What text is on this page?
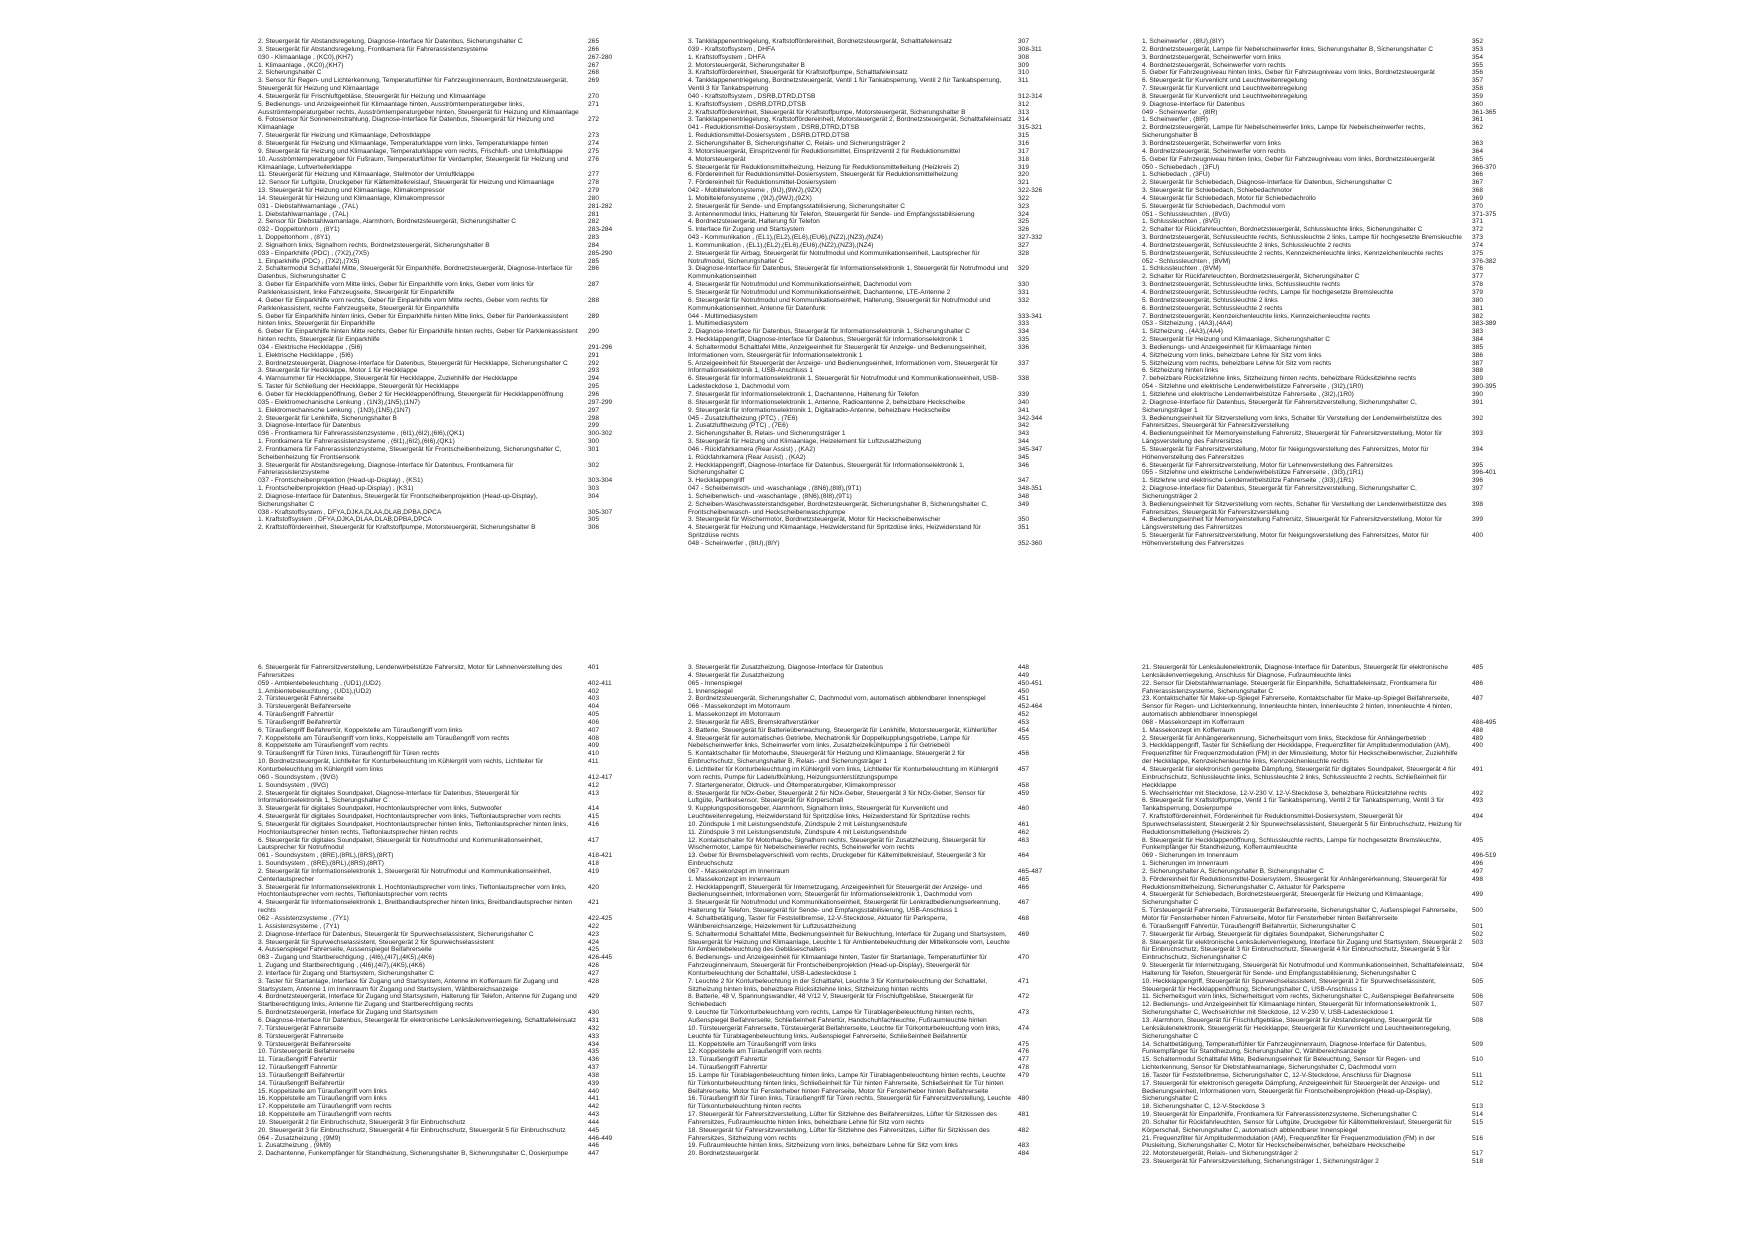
2. Steuergerät für Abstandsregelung, Diagnose-Interface für Datenbus, Sicherungshalter C	265
3. Steuergerät für Abstandsregelung, Frontkamera für Fahrerassistenzsysteme	266
030 - Klimaanlage , (KC0),(KH7)	267-280
1. Klimaanlage , (KC0),(KH7)	267
2. Sicherungshalter C	268
3. Sensor für Regen- und Lichterkennung, Temperaturfühler für Fahrzeuginnenraum, Bordnetzsteuergerät, Steuergerät für Heizung und Klimaanlage
269
4. Steuergerät für Frischluftgebläse, Steuergerät für Heizung und Klimaanlage	270
5. Bedienungs- und Anzeigeeinheit für Klimaanlage hinten, Ausströmtemperaturgeber links, Ausströmtemperaturgeber rechts, Ausströmtemperaturgeber hinten, Steuergerät für Heizung und Klimaanlage
271
6. Fotosensor für Sonneneinstrahlung, Diagnose-Interface für Datenbus, Steuergerät für Heizung und Klimaanlage
272
7. Steuergerät für Heizung und Klimaanlage, Defrostklappe	273
8. Steuergerät für Heizung und Klimaanlage, Temperaturklappe vorn links, Temperaturklappe hinten	274
9. Steuergerät für Heizung und Klimaanlage, Temperaturklappe vorn rechts, Frischluft- und Umluftklappe	275
10. Ausströmtemperaturgeber für Fußraum, Temperaturfühler für Verdampfer, Steuergerät für Heizung und Klimaanlage, Luftverteilerklappe
276
11. Steuergerät für Heizung und Klimaanlage, Stellmotor der Umluftklappe	277
12. Sensor für Luftgüte, Druckgeber für Kältemittelkreislauf, Steuergerät für Heizung und Klimaanlage	278
13. Steuergerät für Heizung und Klimaanlage, Klimakompressor	279
14. Steuergerät für Heizung und Klimaanlage, Klimakompressor	280
031 - Diebstahlwarnanlage , (7AL)	281-282
1. Diebstahlwarnanlage , (7AL)	281
2. Sensor für Diebstahlwarnanlage, Alarmhorn, Bordnetzsteuergerät, Sicherungshalter C	282
032 - Doppeltonhorn , (8Y1)	283-284
1. Doppeltonhorn , (8Y1)	283
2. Signalhorn links, Signalhorn rechts, Bordnetzsteuergerät, Sicherungshalter B	284
033 - Einparkhilfe (PDC) , (7X2),(7X5)	285-290
1. Einparkhilfe (PDC) , (7X2),(7X5)	285
2. Schaltermodul Schalttafel Mitte, Steuergerät für Einparkhilfe, Bordnetzsteuergerät, Diagnose-Interface für Datenbus, Sicherungshalter C
286
3. Geber für Einparkhilfe vorn Mitte links, Geber für Einparkhilfe vorn links, Geber vorn links für Parklenkassistent, linke Fahrzeugseite, Steuergerät für Einparkhilfe
287
4. Geber für Einparkhilfe vorn rechts, Geber für Einparkhilfe vorn Mitte rechts, Geber vorn rechts für Parklenkassistent, rechte Fahrzeugseite, Steuergerät für Einparkhilfe
288
5. Geber für Einparkhilfe hinten links, Geber für Einparkhilfe hinten Mitte links, Geber für Parklenkassistent hinten links, Steuergerät für Einparkhilfe
289
6. Geber für Einparkhilfe hinten Mitte rechts, Geber für Einparkhilfe hinten rechts, Geber für Parklenkassistent hinten rechts, Steuergerät für Einparkhilfe
290
034 - Elektrische Heckklappe , (5I6)	291-296
1. Elektrische Heckklappe , (5I6)	291
2. Bordnetzsteuergerät, Diagnose-Interface für Datenbus, Steuergerät für Heckklappe, Sicherungshalter C	292
3. Steuergerät für Heckklappe, Motor 1 für Heckklappe	293
4. Warnsummer für Heckklappe, Steuergerät für Heckklappe, Zuziehhilfe der Heckklappe	294
5. Taster für Schließung der Heckklappe, Steuergerät für Heckklappe	295
6. Geber für Heckklappenöffnung, Geber 2 für Heckklappenöffnung, Steuergerät für Heckklappenöffnung	296
035 - Elektromechanische Lenkung , (1N3),(1N5),(1N7)	297-299
1. Elektromechanische Lenkung , (1N3),(1N5),(1N7)	297
2. Steuergerät für Lenkhilfe, Sicherungshalter B	298
3. Diagnose-Interface für Datenbus	299
036 - Frontkamera für Fahrerassistenzsysteme , (6I1),(6I2),(6I6),(QK1)	300-302
1. Frontkamera für Fahrerassistenzsysteme , (6I1),(6I2),(6I6),(QK1)	300
2. Frontkamera für Fahrerassistenzsysteme, Steuergerät für Frontscheibenheizung, Sicherungshalter C, Scheibenheizung für Frontsensorik
301
3. Steuergerät für Abstandsregelung, Diagnose-Interface für Datenbus, Frontkamera für Fahrerassistenzsysteme
302
037 - Frontscheibenprojektion (Head-up-Display) , (KS1)	303-304
1. Frontscheibenprojektion (Head-up-Display) , (KS1)	303
2. Diagnose-Interface für Datenbus, Steuergerät für Frontscheibenprojektion (Head-up-Display), Sicherungshalter C
304
038 - Kraftstoffsystem , DFYA,DJKA,DLAA,DLAB,DPBA,DPCA	305-307
1. Kraftstoffsystem , DFYA,DJKA,DLAA,DLAB,DPBA,DPCA	305
2. Kraftstoffördereinheit, Steuergerät für Kraftstoffpumpe, Motorsteuergerät, Sicherungshalter B	306
3. Tankklappenentriegelung, Kraftstoffördereinheit, Bordnetzsteuergerät, Schalttafeleinsatz	307
039 - Kraftstoffsystem , DHFA	308-311
1. Kraftstoffsystem , DHFA	308
2. Motorsteuergerät, Sicherungshalter B	309
3. Kraftstoffördereinheit, Steuergerät für Kraftstoffpumpe, Schalttafeleinsatz	310
4. Tankklappenentriegelung, Bordnetzsteuergerät, Ventil 1 für Tankabsperrung, Ventil 2 für Tankabsperrung, Ventil 3 für Tankabsperrung
311
040 - Kraftstoffsystem , DSRB,DTRD,DTSB	312-314
1. Kraftstoffsystem , DSRB,DTRD,DTSB	312
2. Kraftstoffördereinheit, Steuergerät für Kraftstoffpumpe, Motorsteuergerät, Sicherungshalter B	313
3. Tankklappenentriegelung, Kraftstoffördereinheit, Motorsteuergerät 2, Bordnetzsteuergerät, Schalttafeleinsatz 314
041 - Reduktionsmittel-Dosiersystem , DSRB,DTRD,DTSB	315-321
1. Reduktionsmittel-Dosiersystem , DSRB,DTRD,DTSB	315
2. Sicherungshalter B, Sicherungshalter C, Relais- und Sicherungsträger 2	316
3. Motorsteuergerät, Einspritzventil für Reduktionsmittel, Einspritzventil 2 für Reduktionsmittel	317
4. Motorsteuergerät	318
5. Steuergerät für Reduktionsmittelheizung, Heizung für Reduktionsmittelleitung (Heizkreis 2)	319
6. Fördereinheit für Reduktionsmittel-Dosiersystem, Steuergerät für Reduktionsmittelheizung	320
7. Fördereinheit für Reduktionsmittel-Dosiersystem	321
042 - Mobiltelefonsysteme , (9IJ),(9WJ),(9ZX)	322-326
1. Mobiltelefonsysteme , (9IJ),(9WJ),(9ZX)	322
2. Steuergerät für Sende- und Empfangsstabilisierung, Sicherungshalter C	323
3. Antennenmodul links, Halterung für Telefon, Steuergerät für Sende- und Empfangsstabilisierung	324
4. Bordnetzsteuergerät, Halterung für Telefon	325
5. Interface für Zugang und Startsystem	326
043 - Kommunikation , (EL1),(EL2),(EL6),(EU6),(NZ2),(NZ3),(NZ4)	327-332
1. Kommunikation , (EL1),(EL2),(EL6),(EU6),(NZ2),(NZ3),(NZ4)	327
2. Steuergerät für Airbag, Steuergerät für Notrufmodul und Kommunikationseinheit, Lautsprecher für Notrufmodul, Sicherungshalter C
328
3. Diagnose-Interface für Datenbus, Steuergerät für Informationselektronik 1, Steuergerät für Notrufmodul und Kommunikationseinheit
329
4. Steuergerät für Notrufmodul und Kommunikationseinheit, Dachmodul vorn	330
5. Steuergerät für Notrufmodul und Kommunikationseinheit, Dachantenne, LTE-Antenne 2	331
6. Steuergerät für Notrufmodul und Kommunikationseinheit, Halterung, Steuergerät für Notrufmodul und Kommunikationseinheit, Antenne für Datenfunk
332
044 - Multimediasystem	333-341
1. Multimediasystem	333
2. Diagnose-Interface für Datenbus, Steuergerät für Informationselektronik 1, Sicherungshalter C	334
3. Heckklappengriff, Diagnose-Interface für Datenbus, Steuergerät für Informationselektronik 1	335
4. Schaltermodul Schalttafel Mitte, Anzeigeeinheit für Steuergerät für Anzeige- und Bedienungseinheit, Informationen vorn, Steuergerät für Informationselektronik 1
336
5. Anzeigeeinheit für Steuergerät der Anzeige- und Bedienungseinheit, Informationen vorn, Steuergerät für Informationselektronik 1, USB-Anschluss 1
337
6. Steuergerät für Informationselektronik 1, Steuergerät für Notrufmodul und Kommunikationseinheit, USB-Ladesteckdose 1, Dachmodul vorn
338
7. Steuergerät für Informationselektronik 1, Dachantenne, Halterung für Telefon	339
8. Steuergerät für Informationselektronik 1, Antenne, Radioantenne 2, beheizbare Heckscheibe	340
9. Steuergerät für Informationselektronik 1, Digitalradio-Antenne, beheizbare Heckscheibe	341
045 - Zusatzluftheizung (PTC) , (7E6)	342-344
1. Zusatzluftheizung (PTC) , (7E6)	342
2. Sicherungshalter B, Relais- und Sicherungsträger 1	343
3. Steuergerät für Heizung und Klimaanlage, Heizelement für Luftzusatzheizung	344
046 - Rückfahrkamera (Rear Assist) , (KA2)	345-347
1. Rückfahrkamera (Rear Assist) , (KA2)	345
2. Heckklappengriff, Diagnose-Interface für Datenbus, Steuergerät für Informationselektronik 1, Sicherungshalter C
346
3. Heckklappengriff	347
047 - Scheibenwisch- und -waschanlage , (8N6),(8I8),(9T1)	348-351
1. Scheibenwisch- und -waschanlage , (8N6),(8I8),(9T1)	348
2. Scheiben-Waschwassterstandsgeber, Bordnetzsteuergerät, Sicherungshalter B, Sicherungshalter C, Frontscheibenwasch- und Heckscheibenwaschpumpe
349
3. Steuergerät für Wischermotor, Bordnetzsteuergerät, Motor für Heckscheibenwischer	350
4. Steuergerät für Heizung und Klimaanlage, Heizwiderstand für Spritzdüse links, Heizwiderstand für Spritzdüse rechts
351
048 - Scheinwerfer , (8IU),(8IY)	352-360
1. Scheinwerfer , (8IU),(8IY)	352
2. Bordnetzsteuergerät, Lampe für Nebelscheinwerfer links, Sicherungshalter B, Sicherungshalter C	353
3. Bordnetzsteuergerät, Scheinwerfer vorn links	354
4. Bordnetzsteuergerät, Scheinwerfer vorn rechts	355
5. Geber für Fahrzeugniveau hinten links, Geber für Fahrzeugniveau vorn links, Bordnetzsteuergerät	356
6. Steuergerät für Kurvenlicht und Leuchtweitenregelung	357
7. Steuergerät für Kurvenlicht und Leuchtweitenregelung	358
8. Steuergerät für Kurvenlicht und Leuchtweitenregelung	359
9. Diagnose-Interface für Datenbus	360
049 - Scheinwerfer , (8IR)	361-365
1. Scheinwerfer , (8IR)	361
2. Bordnetzsteuergerät, Lampe für Nebelscheinwerfer links, Lampe für Nebelscheinwerfer rechts, Sicherungshalter B
362
3. Bordnetzsteuergerät, Scheinwerfer vorn links	363
4. Bordnetzsteuergerät, Scheinwerfer vorn rechts	364
5. Geber für Fahrzeugniveau hinten links, Geber für Fahrzeugniveau vorn links, Bordnetzsteuergerät	365
050 - Schiebedach , (3FU)	366-370
1. Schiebedach , (3FU)	366
2. Steuergerät für Schiebedach, Diagnose-Interface für Datenbus, Sicherungshalter C	367
3. Steuergerät für Schiebedach, Schiebedachmotor	368
4. Steuergerät für Schiebedach, Motor für Schiebedachrollo	369
5. Steuergerät für Schiebedach, Dachmodul vorn	370
051 - Schlussleuchten , (8VG)	371-375
1. Schlussleuchten , (8VG)	371
2. Schalter für Rückfahrleuchten, Bordnetzsteuergerät, Schlussleuchte links, Sicherungshalter C	372
3. Bordnetzsteuergerät, Schlussleuchte rechts, Schlussleuchte 2 links, Lampe für hochgesetzte Bremsleuchte	373
4. Bordnetzsteuergerät, Schlussleuchte 2 links, Schlussleuchte 2 rechts	374
5. Bordnetzsteuergerät, Schlussleuchte 2 rechts, Kennzeichenleuchte links, Kennzeichenleuchte rechts	375
052 - Schlussleuchten , (8VM)	376-382
1. Schlussleuchten , (8VM)	376
2. Schalter für Rückfahrleuchten, Bordnetzsteuergerät, Sicherungshalter C	377
3. Bordnetzsteuergerät, Schlussleuchte links, Schlussleuchte rechts	378
4. Bordnetzsteuergerät, Schlussleuchte rechts, Lampe für hochgesetzte Bremsleuchte	379
5. Bordnetzsteuergerät, Schlussleuchte 2 links	380
6. Bordnetzsteuergerät, Schlussleuchte 2 rechts	381
7. Bordnetzsteuergerät, Kennzeichenleuchte links, Kennzeichenleuchte rechts	382
053 - Sitzheizung , (4A3),(4A4)	383-389
1. Sitzheizung , (4A3),(4A4)	383
2. Steuergerät für Heizung und Klimaanlage, Sicherungshalter C	384
3. Bedienungs- und Anzeigeeinheit für Klimaanlage hinten	385
4. Sitzheizung vorn links, beheizbare Lehne für Sitz vorn links	386
5. Sitzheizung vorn rechts, beheizbare Lehne für Sitz vorn rechts	387
6. Sitzheizung hinten links	388
7. beheizbare Rücksitzlehne links, Sitzheizung hinten rechts, beheizbare Rücksitzlehne rechts	389
054 - Sitzlehne und elektrische Lendenwirbelstütze Fahrerseite , (3I2),(1R0)	390-395
1. Sitzlehne und elektrische Lendenwirbelstütze Fahrerseite , (3I2),(1R0)	390
2. Diagnose-Interface für Datenbus, Steuergerät für Fahrersitzverstellung, Sicherungshalter C, Sicherungsträger 1
391
3. Bedienungseinheit für Sitzverstellung vorn links, Schalter für Verstellung der Lendenwirbelstütze des Fahrersitzes, Steuergerät für Fahrersitzverstellung
392
4. Bedienungseinheit für Memoryeinstellung Fahrersitz, Steuergerät für Fahrersitzverstellung, Motor für Längsverstellung des Fahrersitzes
393
5. Steuergerät für Fahrersitzverstellung, Motor für Neigungsverstellung des Fahrersitzes, Motor für Höhenverstellung des Fahrersitzes
394
6. Steuergerät für Fahrersitzverstellung, Motor für Lehnenverstellung des Fahrersitzes	395
055 - Sitzlehne und elektrische Lendenwirbelstütze Fahrerseite , (3I3),(1R1)	396-401
1. Sitzlehne und elektrische Lendenwirbelstütze Fahrerseite , (3I3),(1R1)	396
2. Diagnose-Interface für Datenbus, Steuergerät für Fahrersitzverstellung, Sicherungshalter C, Sicherungsträger 2
397
3. Bedienungseinheit für Sitzverstellung vorn rechts, Schalter für Verstellung der Lendenwirbelstütze des Fahrersitzes, Steuergerät für Fahrersitzverstellung
398
4. Bedienungseinheit für Memoryeinstellung Fahrersitz, Steuergerät für Fahrersitzverstellung, Motor für Längsverstellung des Fahrersitzes
399
5. Steuergerät für Fahrersitzverstellung, Motor für Neigungsverstellung des Fahrersitzes, Motor für Höhenverstellung des Fahrersitzes
400
6. Steuergerät für Fahrersitzverstellung, Lendenwirbelstütze Fahrersitz, Motor für Lehnenverstellung des Fahrersitzes
401
059 - Ambientebeleuchtung , (UD1),(UD2)	402-411
1. Ambientebeleuchtung , (UD1),(UD2)	402
2. Türsteuergerät Fahrerseite	403
3. Türsteuergerät Beifahrerseite	404
4. Türaußengriff Fahrertür	405
5. Türaußengriff Beifahrertür	406
6. Türaußengriff Beifahrertür, Koppelstelle am Türaußengriff vorn links	407
7. Koppelstelle am Türaußengriff vorn links, Koppelstelle am Türaußengriff vorn rechts	408
8. Koppelstelle am Türaußengriff vorn rechts	409
9. Türaußengriff für Türen links, Türaußengriff für Türen rechts	410
10. Bordnetzsteuergerät, Lichtleiter für Konturbeleuchtung im Kühlergrill vorn rechts, Lichtleiter für Konturbeleuchtung im Kühlergrill vorn links
411
060 - Soundsystem , (9VG)	412-417
1. Soundsystem , (9VG)	412
2. Steuergerät für digitales Soundpaket, Diagnose-Interface für Datenbus, Steuergerät für Informationselektronik 1, Sicherungshalter C
413
3. Steuergerät für digitales Soundpaket, Hochtonlautsprecher vorn links, Subwoofer	414
4. Steuergerät für digitales Soundpaket, Hochtonlautsprecher vorn links, Tieftonlautsprecher vorn rechts	415
5. Steuergerät für digitales Soundpaket, Hochtonlautsprecher hinten links, Tieftonlautsprecher hinten links, Hochtonlautsprecher hinten rechts, Tieftonlautsprecher hinten rechts
416
6. Steuergerät für digitales Soundpaket, Steuergerät für Notrufmodul und Kommunikationseinheit, Lautsprecher für Notrufmodul
417
061 - Soundsystem , (8RE),(8RL),(8RS),(8RT)	418-421
1. Soundsystem , (8RE),(8RL),(8RS),(8RT)	418
2. Steuergerät für Informationselektronik 1, Steuergerät für Notrufmodul und Kommunikationseinheit, Centerlautsprecher
419
3. Steuergerät für Informationselektronik 1, Hochtonlautsprecher vorn links, Tieftonlautsprecher vorn links, Hochtonlautsprecher vorn rechts, Tieftonlautsprecher vorn rechts
420
4. Steuergerät für Informationselektronik 1, Breitbandlautsprecher hinten links, Breitbandlautsprecher hinten rechts
421
062 - Assistenzsysteme , (7Y1)	422-425
1. Assistenzsysteme , (7Y1)	422
2. Diagnose-Interface für Datenbus, Steuergerät für Spurwechselassistent, Sicherungshalter C	423
3. Steuergerät für Spurwechselassistent, Steuergerät 2 für Spurwechselassistent	424
4. Aussenspiegel Fahrerseite, Aussenspiegel Beifahrerseite	425
063 - Zugang und Startberechtigung , (4I6),(4I7),(4K5),(4K6)	426-445
1. Zugang und Startberechtigung , (4I6),(4I7),(4K5),(4K6)	426
2. Interface für Zugang und Startsystem, Sicherungshalter C	427
3. Taster für Startanlage, Interface für Zugang und Startsystem, Antenne im Kofferraum für Zugang und Startsystem, Antenne 1 im Innenraum für Zugang und Startsystem, Wählbereichsanzeige
428
4. Bordnetzsteuergerät, Interface für Zugang und Startsystem, Halterung für Telefon, Antenne für Zugang und Startberechtigung links, Antenne für Zugang und Startberechtigung rechts
429
5. Bordnetzsteuergerät, Interface für Zugang und Startsystem	430
6. Diagnose-Interface für Datenbus, Steuergerät für elektronische Lenksäulenverriegelung, Schalttafeleinsatz	431
7. Türsteuergerät Fahrerseite	432
8. Türsteuergerät Fahrerseite	433
9. Türsteuergerät Beifahrerseite	434
10. Türsteuergerät Beifahrerseite	435
11. Türaußengriff Fahrertür	436
12. Türaußengriff Fahrertür	437
13. Türaußengriff Beifahrertür	438
14. Türaußengriff Beifahrertür	439
15. Koppelstelle am Türaußengriff vorn links	440
16. Koppelstelle am Türaußengriff vorn links	441
17. Koppelstelle am Türaußengriff vorn rechts	442
18. Koppelstelle am Türaußengriff vorn rechts	443
19. Steuergerät 2 für Einbruchschutz, Steuergerät 3 für Einbruchschutz	444
20. Steuergerät 3 für Einbruchschutz, Steuergerät 4 für Einbruchschutz, Steuergerät 5 für Einbruchschutz	445
064 - Zusatzheizung , (9M9)	446-449
1. Zusatzheizung , (9M9)	446
2. Dachantenne, Funkempfänger für Standheizung, Sicherungshalter B, Sicherungshalter C, Dosierpumpe	447
3. Steuergerät für Zusatzheizung, Diagnose-Interface für Datenbus	448
4. Steuergerät für Zusatzheizung	449
065 - Innenspiegel	450-451
1. Innenspiegel	450
2. Bordnetzsteuergerät, Sicherungshalter C, Dachmodul vorn, automatisch abblendbarer Innenspiegel	451
066 - Massekonzept im Motorraum	452-464
1. Massekonzept im Motorraum	452
2. Steuergerät für ABS, Bremskraftverstärker	453
3. Batterie, Steuergerät für Batterieüberwachung, Steuergerät für Lenkhilfe, Motorsteuergerät, Kühlerlüfter	454
4. Steuergerät für automatisches Getriebe, Mechatronik für Doppelkupplungsgetriebe, Lampe für Nebelscheinwerfer links, Scheinwerfer vorn links, Zusatzheizelkühlpumpe 1 für Getriebeöl
455
5. Kontaktschalter für Motorhaube, Steuergerät für Heizung und Klimaanlage, Steuergerät 2 für Einbruchschutz, Sicherungshalter B, Relais- und Sicherungsträger 1
456
6. Lichtleiter für Konturbeleuchtung im Kühlergrill vorn links, Lichtleiter für Konturbeleuchtung im Kühlergrill vorn rechts, Pumpe für Ladeluftkühlung, Heizungsunterstützungspumpe
457
7. Startergenerator, Öldruck- und Öltemperaturgeber, Klimakompressor	458
8. Steuergerät für NOx-Geber, Steuergerät 2 für NOx-Geber, Steuergerät 3 für NOx-Geber, Sensor für Luftgüte, Partikelsensor, Steuergerät für Körperschall
459
9. Kupplungspositionsgeber, Alarmhorn, Signalhorn links, Steuergerät für Kurvenlicht und Leuchtweitenregelung, Heizwiderstand für Spritzdüse links, Heizwiderstand für Spritzdüse rechts
460
10. Zündspule 1 mit Leistungsendstufe, Zündspule 2 mit Leistungsendstufe	461
11. Zündspule 3 mit Leistungsendstufe, Zündspule 4 mit Leistungsendstufe	462
12. Kontaktschalter für Motorhaube, Signalhorn rechts, Steuergerät für Zusatzheizung, Steuergerät für Wischermotor, Lampe für Nebelscheinwerfer rechts, Scheinwerfer vorn rechts
463
13. Geber für Bremsbelagverschleiß vorn rechts, Druckgeber für Kältemittelkreislauf, Steuergerät 3 für Einbruchschutz
464
067 - Massekonzept im Innenraum	465-487
1. Massekonzept im Innenraum	465
2. Heckklappengriff, Steuergerät für Internetzugang, Anzeigeeinheit für Steuergerät der Anzeige- und Bedienungseinheit, Informationen vorn, Steuergerät für Informationselektronik 1, Dachmodul vorn
466
3. Steuergerät für Notrufmodul und Kommunikationseinheit, Steuergerät für Lenkradbedienungserkennung, Halterung für Telefon, Steuergerät für Sende- und Empfangsstabilisierung, USB-Anschluss 1
467
4. Schaltbetätigung, Taster für Feststellbremse, 12-V-Steckdose, Aktuator für Parksperre, Wählbereichsanzeige, Heizelement für Luftzusatzheizung
468
5. Schaltermodul Schalttafel Mitte, Bedienungseinheit für Beleuchtung, Interface für Zugang und Startsystem, Steuergerät für Heizung und Klimaanlage, Leuchte 1 für Ambientebeleuchtung der Mittelkonsole vorn, Leuchte für Ambientebeleuchtung des Gebläseschalters
469
6. Bedienungs- und Anzeigeeinheit für Klimaanlage hinten, Taster für Startanlage, Temperaturfühler für Fahrzeuginnenraum, Steuergerät für Frontscheibenprojektion (Head-up-Display), Steuergerät für Konturbeleuchtung der Schalttafel, USB-Ladesteckdose 1
470
7. Leuchte 2 für Konturbeleuchtung in der Schalttafel, Leuchte 3 für Konturbeleuchtung der Schalttafel, Sitzheizung hinten links, beheizbare Rücksitzlehne links, Sitzheizung hinten rechts
471
8. Batterie, 48 V, Spannungswandler, 48 V/12 V, Steuergerät für Frischluftgebläse, Steuergerät für Schiebedach
472
9. Leuchte für Türkonturbeleuchtung vorn rechts, Lampe für Türablagenbeleuchtung hinten rechts, Außenspiegel Beifahrerseite, Schließeinheit Fahrertür, Handschuhfachleuchte, Fußraumleuchte hinten
473
10. Türsteuergerät Fahrerseite, Türsteuergerät Beifahrerseite, Leuchte für Türkonturbeleuchtung vorn links, Leuchte für Türablagenbeleuchtung links, Außenspiegel Fahrerseite, Schließeinheit Beifahrertür
474
11. Koppelstelle am Türaußengriff vorn links	475
12. Koppelstelle am Türaußengriff vorn rechts	476
13. Türaußengriff Fahrertür	477
14. Türaußengriff Fahrertür	478
15. Lampe für Türablagenbeleuchtung hinten links, Lampe für Türablagenbeleuchtung hinten rechts, Leuchte für Türkonturbeleuchtung hinten links, Schließeinheit für Tür hinten Fahrerseite, Schließeinheit für Tür hinten Beifahrerseite, Motor für Fensterheber hinten Fahrerseite, Motor für Fensterheber hinten Beifahrerseite
479
16. Türaußengriff für Türen links, Türaußengriff für Türen rechts, Steuergerät für Fahrersitzverstellung, Leuchte für Türkonturbeleuchtung hinten rechts
480
17. Steuergerät für Fahrersitzverstellung, Lüfter für Sitzlehne des Beifahrersitzes, Lüfter für Sitzkissen des Fahrersitzes, Fußraumleuchte hinten links, beheizbare Lehne für Sitz vorn rechts
481
18. Steuergerät für Fahrersitzverstellung, Lüfter für Sitzlehne des Fahrersitzes, Lüfter für Sitzkissen des Fahrersitzes, Sitzheizung vorn rechts
482
19. Fußraumleuchte hinten links, Sitzheizung vorn links, beheizbare Lehne für Sitz vorn links	483
20. Bordnetzsteuergerät	484
21. Steuergerät für Lenksäulenelektronik, Diagnose-Interface für Datenbus, Steuergerät für elektronische Lenksäulenverriegelung, Anschluss für Diagnose, Fußraumleuchte links
485
22. Sensor für Diebstahlwarnanlage, Steuergerät für Einparkhilfe, Schalttafeleinsatz, Frontkamera für Fahrerassistenzsysteme, Sicherungshalter C
486
23. Kontaktschalter für Make-up-Spiegel Fahrerseite, Kontaktschalter für Make-up-Spiegel Beifahrerseite, Sensor für Regen- und Lichterkennung, Innenleuchte hinten, Innenleuchte 2 hinten, Innenleuchte 4 hinten, automatisch abblendbarer Innenspiegel
487
068 - Massekonzept im Kofferraum	488-495
1. Massekonzept im Kofferraum	488
2. Steuergerät für Anhängererkennung, Sicherheitsgurt vorn links, Steckdose für Anhängerbetrieb	489
3. Heckklappengriff, Taster für Schließung der Heckklappe, Frequenzfilter für Amplitudenmodulation (AM), Frequenzfilter für Frequenzmodulation (FM) in der Minusleitung, Motor für Heckscheibenwischer, Zuziehhilfe der Heckklappe, Kennzeichenleuchte links, Kennzeichenleuchte rechts
490
4. Steuergerät für elektronisch geregelte Dämpfung, Steuergerät für digitales Soundpaket, Steuergerät 4 für Einbruchschutz, Schlussleuchte links, Schlussleuchte 2 links, Schlussleuchte 2 rechts, Schließeinheit für Heckklappe
491
5. Wechselrichter mit Steckdose, 12-V-230 V, 12-V-Steckdose 3, beheizbare Rücksitzlehne rechts	492
6. Steuergerät für Kraftstoffpumpe, Ventil 1 für Tankabsperrung, Ventil 2 für Tankabsperrung, Ventil 3 für Tankabsperrung, Dosierpumpe
493
7. Kraftstoffördereinheit, Fördereinheit für Reduktionsmittel-Dosiersystem, Steuergerät für Spurwechselassistent, Steuergerät 2 für Spurwechselassistent, Steuergerät 5 für Einbruchschutz, Heizung für Reduktionsmittelleitung (Heizkreis 2)
494
8. Steuergerät für Heckklappenöffnung, Schlussleuchte rechts, Lampe für hochgesetzte Bremsleuchte, Funkempfänger für Standheizung, Kofferraumleuchte
495
069 - Sicherungen im Innenraum	496-519
1. Sicherungen im Innenraum	496
2. Sicherungshalter A, Sicherungshalter B, Sicherungshalter C	497
3. Fördereinheit für Reduktionsmittel-Dosiersystem, Steuergerät für Anhängererkennung, Steuergerät für Reduktionsmittelheizung, Sicherungshalter C, Aktuator für Parksperre
498
4. Steuergerät für Schiebedach, Bordnetzsteuergerät, Steuergerät für Heizung und Klimaanlage, Sicherungshalter C
499
5. Türsteuergerät Fahrerseite, Türsteuergerät Beifahrerseite, Sicherungshalter C, Außenspiegel Fahrerseite, Motor für Fensterheber hinten Fahrerseite, Motor für Fensterheber hinten Beifahrerseite
500
6. Türaußengriff Fahrertür, Türaußengriff Beifahrertür, Sicherungshalter C	501
7. Steuergerät für Airbag, Steuergerät für digitales Soundpaket, Sicherungshalter C	502
8. Steuergerät für elektronische Lenksäulenverriegelung, Interface für Zugang und Startsystem, Steuergerät 2 für Einbruchschutz, Steuergerät 3 für Einbruchschutz, Steuergerät 4 für Einbruchschutz, Steuergerät 5 für Einbruchschutz, Sicherungshalter C
503
9. Steuergerät für Internetzugang, Steuergerät für Notrufmodul und Kommunikationseinheit, Schalttafeleinsatz, Halterung für Telefon, Steuergerät für Sende- und Empfangsstabilisierung, Sicherungshalter C
504
10. Heckklappengriff, Steuergerät für Spurwechselassistent, Steuergerät 2 für Spurwechselassistent, Steuergerät für Heckklappenöffnung, Sicherungshalter C, USB-Anschluss 1
505
11. Sicherheitsgurt vorn links, Sicherheitsgurt vorn rechts, Sicherungshalter C, Außenspiegel Beifahrerseite	506
12. Bedienungs- und Anzeigeeinheit für Klimaanlage hinten, Steuergerät für Informationselektronik 1, Sicherungshalter C, Wechselrichter mit Steckdose, 12 V-230 V, USB-Ladesteckdose 1
507
13. Alarmhorn, Steuergerät für Frischluftgebläse, Steuergerät für Abstandsregelung, Steuergerät für Lenksäulenelektronik, Steuergerät für Heckklappe, Steuergerät für Kurvenlicht und Leuchtweitenregelung, Sicherungshalter C
508
14. Schaltbetätigung, Temperaturfühler für Fahrzeuginnenraum, Diagnose-Interface für Datenbus, Funkempfänger für Standheizung, Sicherungshalter C, Wählbereichsanzeige
509
15. Schaltermodul Schalttafel Mitte, Bedienungseinheit für Beleuchtung, Sensor für Regen- und Lichterkennung, Sensor für Diebstahlwarnanlage, Sicherungshalter C, Dachmodul vorn
510
16. Taster für Feststellbremse, Sicherungshalter C, 12-V-Steckdose, Anschluss für Diagnose	511
17. Steuergerät für elektronisch geregelte Dämpfung, Anzeigeeinheit für Steuergerät der Anzeige- und Bedienungseinheit, Informationen vorn, Steuergerät für Frontscheibenprojektion (Head-up-Display), Sicherungshalter C
512
18. Sicherungshalter C, 12-V-Steckdose 3	513
19. Steuergerät für Einparkhilfe, Frontkamera für Fahrerassistenzsysteme, Sicherungshalter C	514
20. Schalter für Rückfahrleuchten, Sensor für Luftgüte, Druckgeber für Kältemittelkreislauf, Steuergerät für Körperschall, Sicherungshalter C, automatisch abblendbarer Innenspiegel
515
21. Frequenzfilter für Amplitudenmodulation (AM), Frequenzfilter für Frequenzmodulation (FM) in der Plusleitung, Sicherungshalter C, Motor für Heckscheibenwischer, beheizbare Heckscheibe
516
22. Motorsteuergerät, Relais- und Sicherungsträger 2	517
23. Steuergerät für Fahrersitzverstellung, Sicherungsträger 1, Sicherungsträger 2	518
